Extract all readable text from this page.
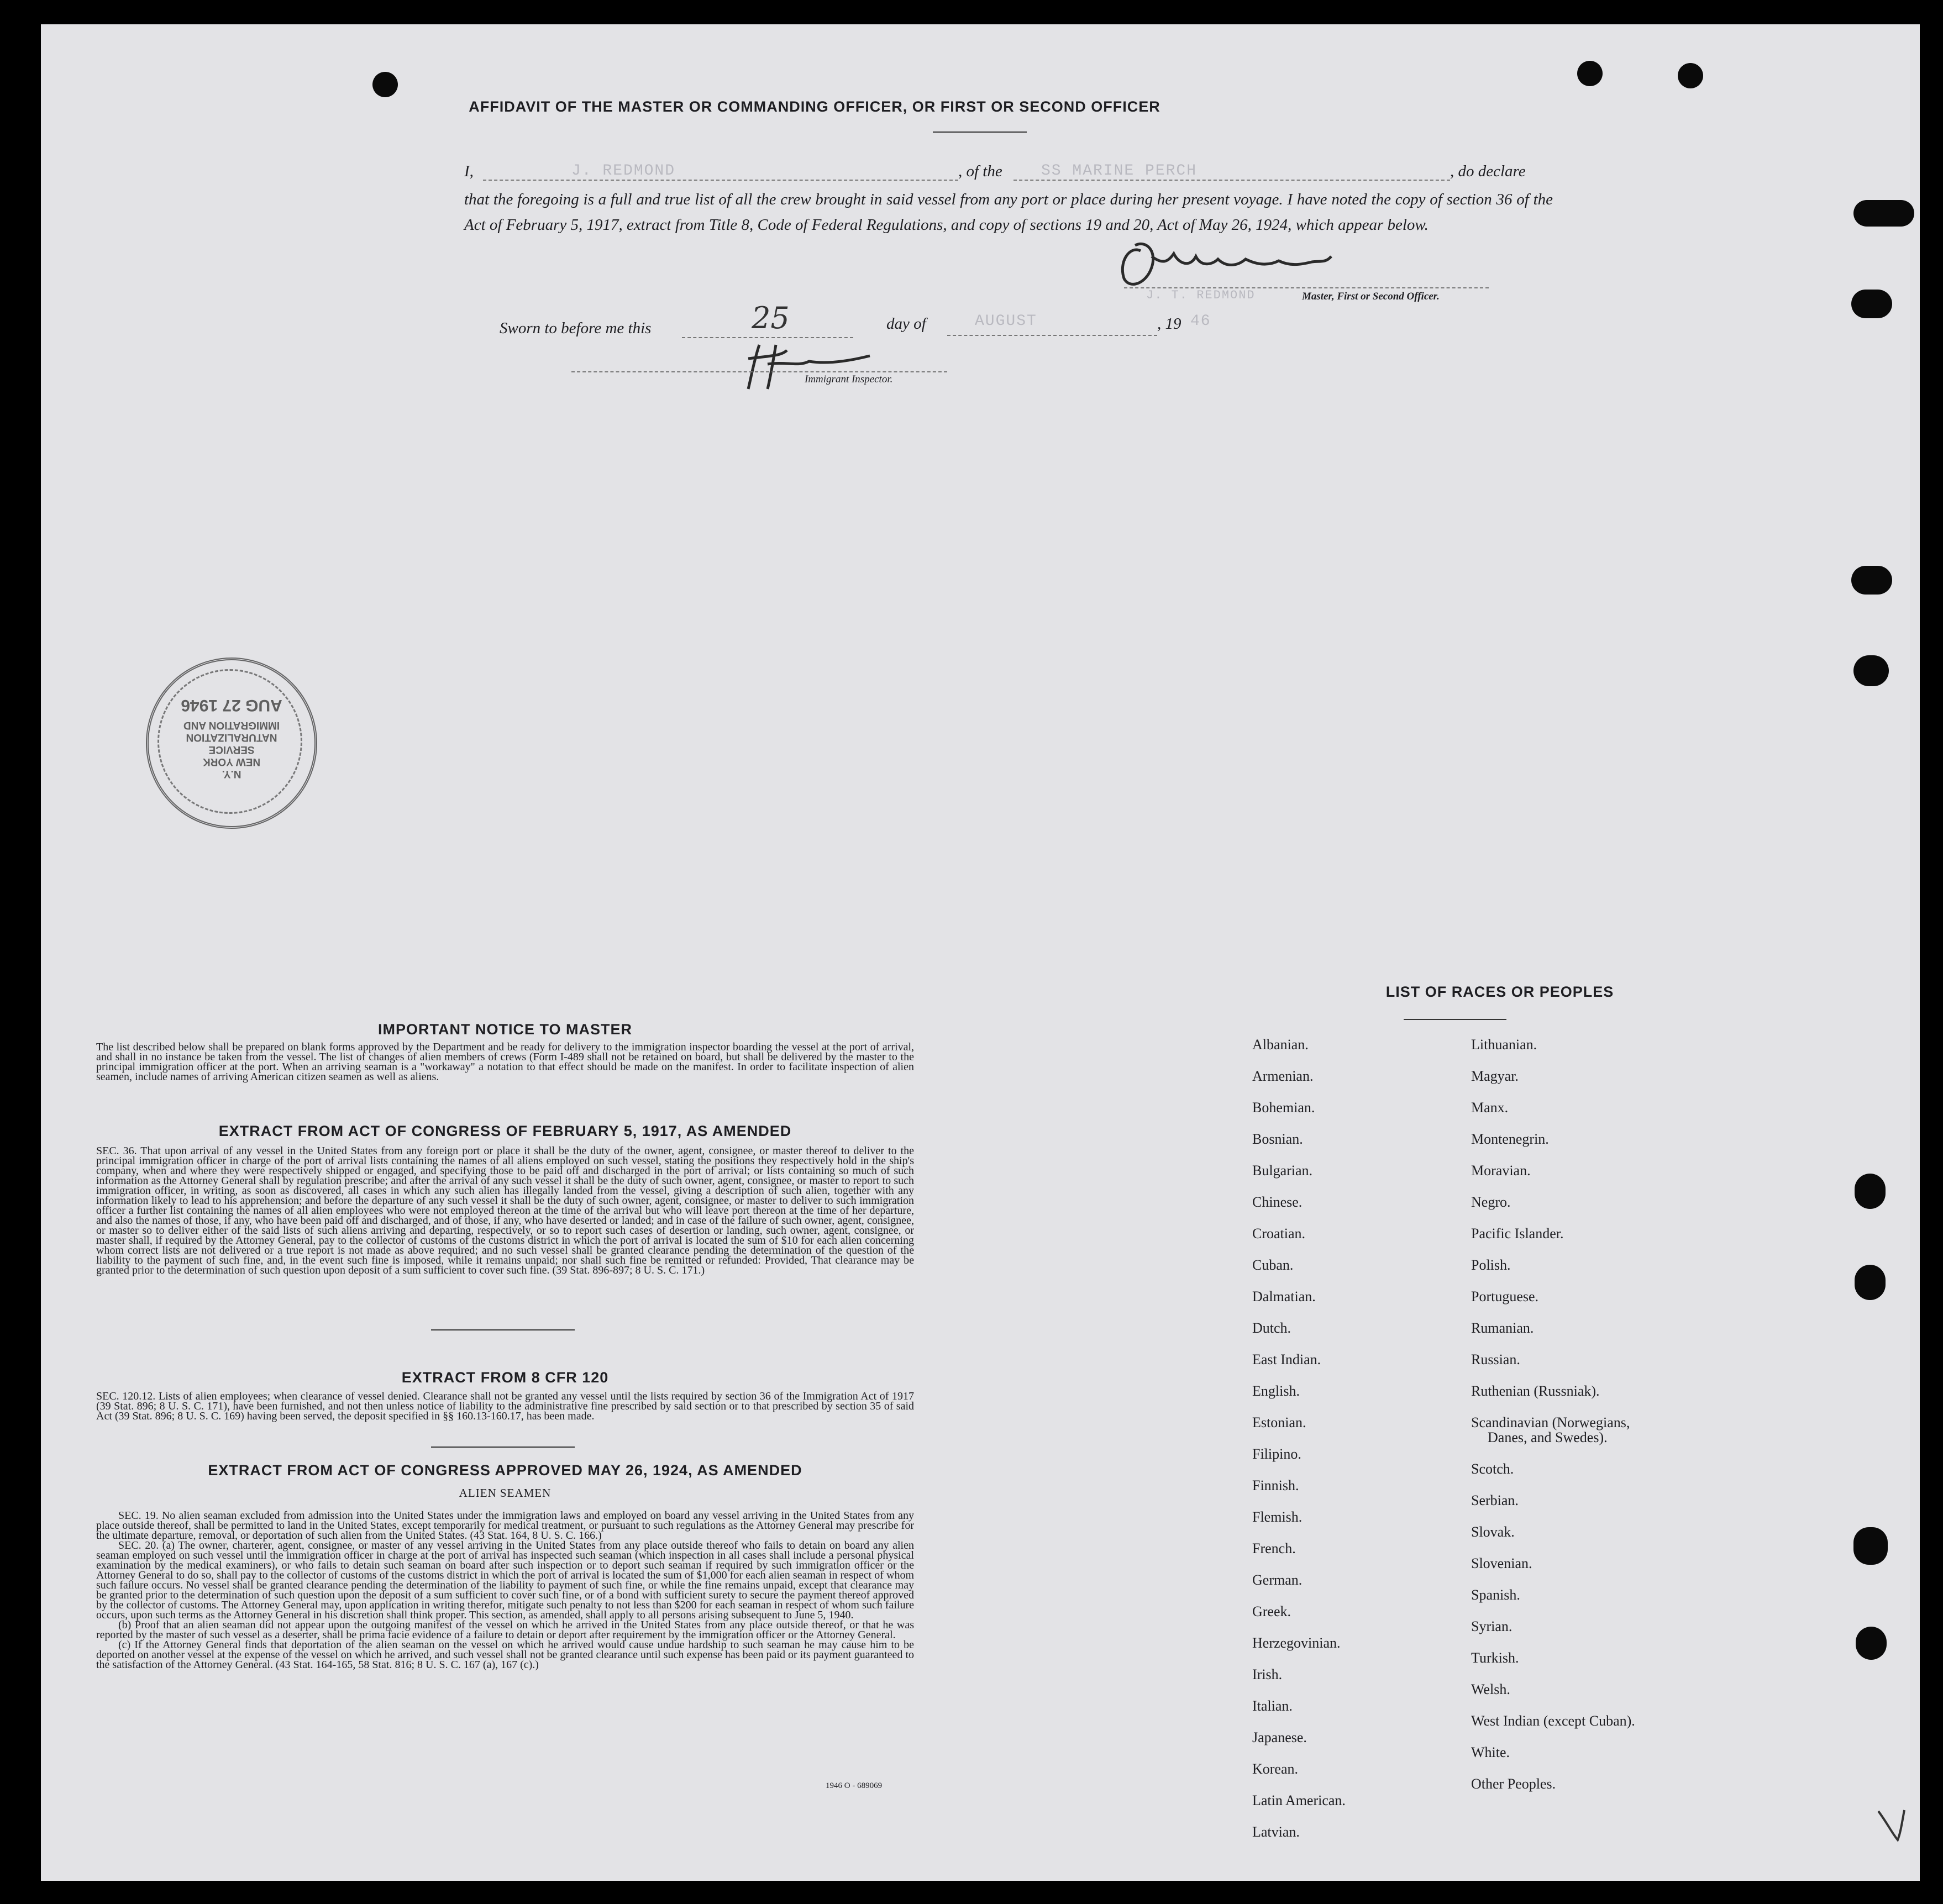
AFFIDAVIT OF THE MASTER OR COMMANDING OFFICER, OR FIRST OR SECOND OFFICER
I,	J. REDMOND	, of the	SS MARINE PERCH	, do declare
that the foregoing is a full and true list of all the crew brought in said vessel from any port or place during her present voyage. I have noted the copy of section 36 of the Act of February 5, 1917, extract from Title 8, Code of Federal Regulations, and copy of sections 19 and 20, Act of May 26, 1924, which appear below.
J. T. REDMOND	Master, First or Second Officer.
Sworn to before me this	25	day of	AUGUST	, 19 46
Immigrant Inspector.
N.Y.
NEW YORK
SERVICE
NATURALIZATION
IMMIGRATION AND
AUG 27 1946
IMPORTANT NOTICE TO MASTER
The list described below shall be prepared on blank forms approved by the Department and be ready for delivery to the immigration inspector boarding the vessel at the port of arrival, and shall in no instance be taken from the vessel. The list of changes of alien members of crews (Form I-489 shall not be retained on board, but shall be delivered by the master to the principal immigration officer at the port. When an arriving seaman is a "workaway" a notation to that effect should be made on the manifest. In order to facilitate inspection of alien seamen, include names of arriving American citizen seamen as well as aliens.
EXTRACT FROM ACT OF CONGRESS OF FEBRUARY 5, 1917, AS AMENDED
SEC. 36. That upon arrival of any vessel in the United States from any foreign port or place it shall be the duty of the owner, agent, consignee, or master thereof to deliver to the principal immigration officer in charge of the port of arrival lists containing the names of all aliens employed on such vessel, stating the positions they respectively hold in the ship's company, when and where they were respectively shipped or engaged, and specifying those to be paid off and discharged in the port of arrival; or lists containing so much of such information as the Attorney General shall by regulation prescribe; and after the arrival of any such vessel it shall be the duty of such owner, agent, consignee, or master to report to such immigration officer, in writing, as soon as discovered, all cases in which any such alien has illegally landed from the vessel, giving a description of such alien, together with any information likely to lead to his apprehension; and before the departure of any such vessel it shall be the duty of such owner, agent, consignee, or master to deliver to such immigration officer a further list containing the names of all alien employees who were not employed thereon at the time of the arrival but who will leave port thereon at the time of her departure, and also the names of those, if any, who have been paid off and discharged, and of those, if any, who have deserted or landed; and in case of the failure of such owner, agent, consignee, or master so to deliver either of the said lists of such aliens arriving and departing, respectively, or so to report such cases of desertion or landing, such owner, agent, consignee, or master shall, if required by the Attorney General, pay to the collector of customs of the customs district in which the port of arrival is located the sum of $10 for each alien concerning whom correct lists are not delivered or a true report is not made as above required; and no such vessel shall be granted clearance pending the determination of the question of the liability to the payment of such fine, and, in the event such fine is imposed, while it remains unpaid; nor shall such fine be remitted or refunded: Provided, That clearance may be granted prior to the determination of such question upon deposit of a sum sufficient to cover such fine. (39 Stat. 896-897; 8 U. S. C. 171.)
EXTRACT FROM 8 CFR 120
SEC. 120.12. Lists of alien employees; when clearance of vessel denied. Clearance shall not be granted any vessel until the lists required by section 36 of the Immigration Act of 1917 (39 Stat. 896; 8 U. S. C. 171), have been furnished, and not then unless notice of liability to the administrative fine prescribed by said section or to that prescribed by section 35 of said Act (39 Stat. 896; 8 U. S. C. 169) having been served, the deposit specified in §§ 160.13-160.17, has been made.
EXTRACT FROM ACT OF CONGRESS APPROVED MAY 26, 1924, AS AMENDED
ALIEN SEAMEN
SEC. 19. No alien seaman excluded from admission into the United States under the immigration laws and employed on board any vessel arriving in the United States from any place outside thereof, shall be permitted to land in the United States, except temporarily for medical treatment, or pursuant to such regulations as the Attorney General may prescribe for the ultimate departure, removal, or deportation of such alien from the United States. (43 Stat. 164, 8 U. S. C. 166.)
SEC. 20. (a) The owner, charterer, agent, consignee, or master of any vessel arriving in the United States from any place outside thereof who fails to detain on board any alien seaman employed on such vessel until the immigration officer in charge at the port of arrival has inspected such seaman (which inspection in all cases shall include a personal physical examination by the medical examiners), or who fails to detain such seaman on board after such inspection or to deport such seaman if required by such immigration officer or the Attorney General to do so, shall pay to the collector of customs of the customs district in which the port of arrival is located the sum of $1,000 for each alien seaman in respect of whom such failure occurs. No vessel shall be granted clearance pending the determination of the liability to payment of such fine, or while the fine remains unpaid, except that clearance may be granted prior to the determination of such question upon the deposit of a sum sufficient to cover such fine, or of a bond with sufficient surety to secure the payment thereof approved by the collector of customs. The Attorney General may, upon application in writing therefor, mitigate such penalty to not less than $200 for each seaman in respect of whom such failure occurs, upon such terms as the Attorney General in his discretion shall think proper. This section, as amended, shall apply to all persons arising subsequent to June 5, 1940.
(b) Proof that an alien seaman did not appear upon the outgoing manifest of the vessel on which he arrived in the United States from any place outside thereof, or that he was reported by the master of such vessel as a deserter, shall be prima facie evidence of a failure to detain or deport after requirement by the immigration officer or the Attorney General.
(c) If the Attorney General finds that deportation of the alien seaman on the vessel on which he arrived would cause undue hardship to such seaman he may cause him to be deported on another vessel at the expense of the vessel on which he arrived, and such vessel shall not be granted clearance until such expense has been paid or its payment guaranteed to the satisfaction of the Attorney General. (43 Stat. 164-165, 58 Stat. 816; 8 U. S. C. 167 (a), 167 (c).)
1946 O - 689069
LIST OF RACES OR PEOPLES
Albanian.
Armenian.
Bohemian.
Bosnian.
Bulgarian.
Chinese.
Croatian.
Cuban.
Dalmatian.
Dutch.
East Indian.
English.
Estonian.
Filipino.
Finnish.
Flemish.
French.
German.
Greek.
Herzegovinian.
Irish.
Italian.
Japanese.
Korean.
Latin American.
Latvian.
Lithuanian.
Magyar.
Manx.
Montenegrin.
Moravian.
Negro.
Pacific Islander.
Polish.
Portuguese.
Rumanian.
Russian.
Ruthenian (Russniak).
Scandinavian (Norwegians,
Danes, and Swedes).
Scotch.
Serbian.
Slovak.
Slovenian.
Spanish.
Syrian.
Turkish.
Welsh.
West Indian (except Cuban).
White.
Other Peoples.
